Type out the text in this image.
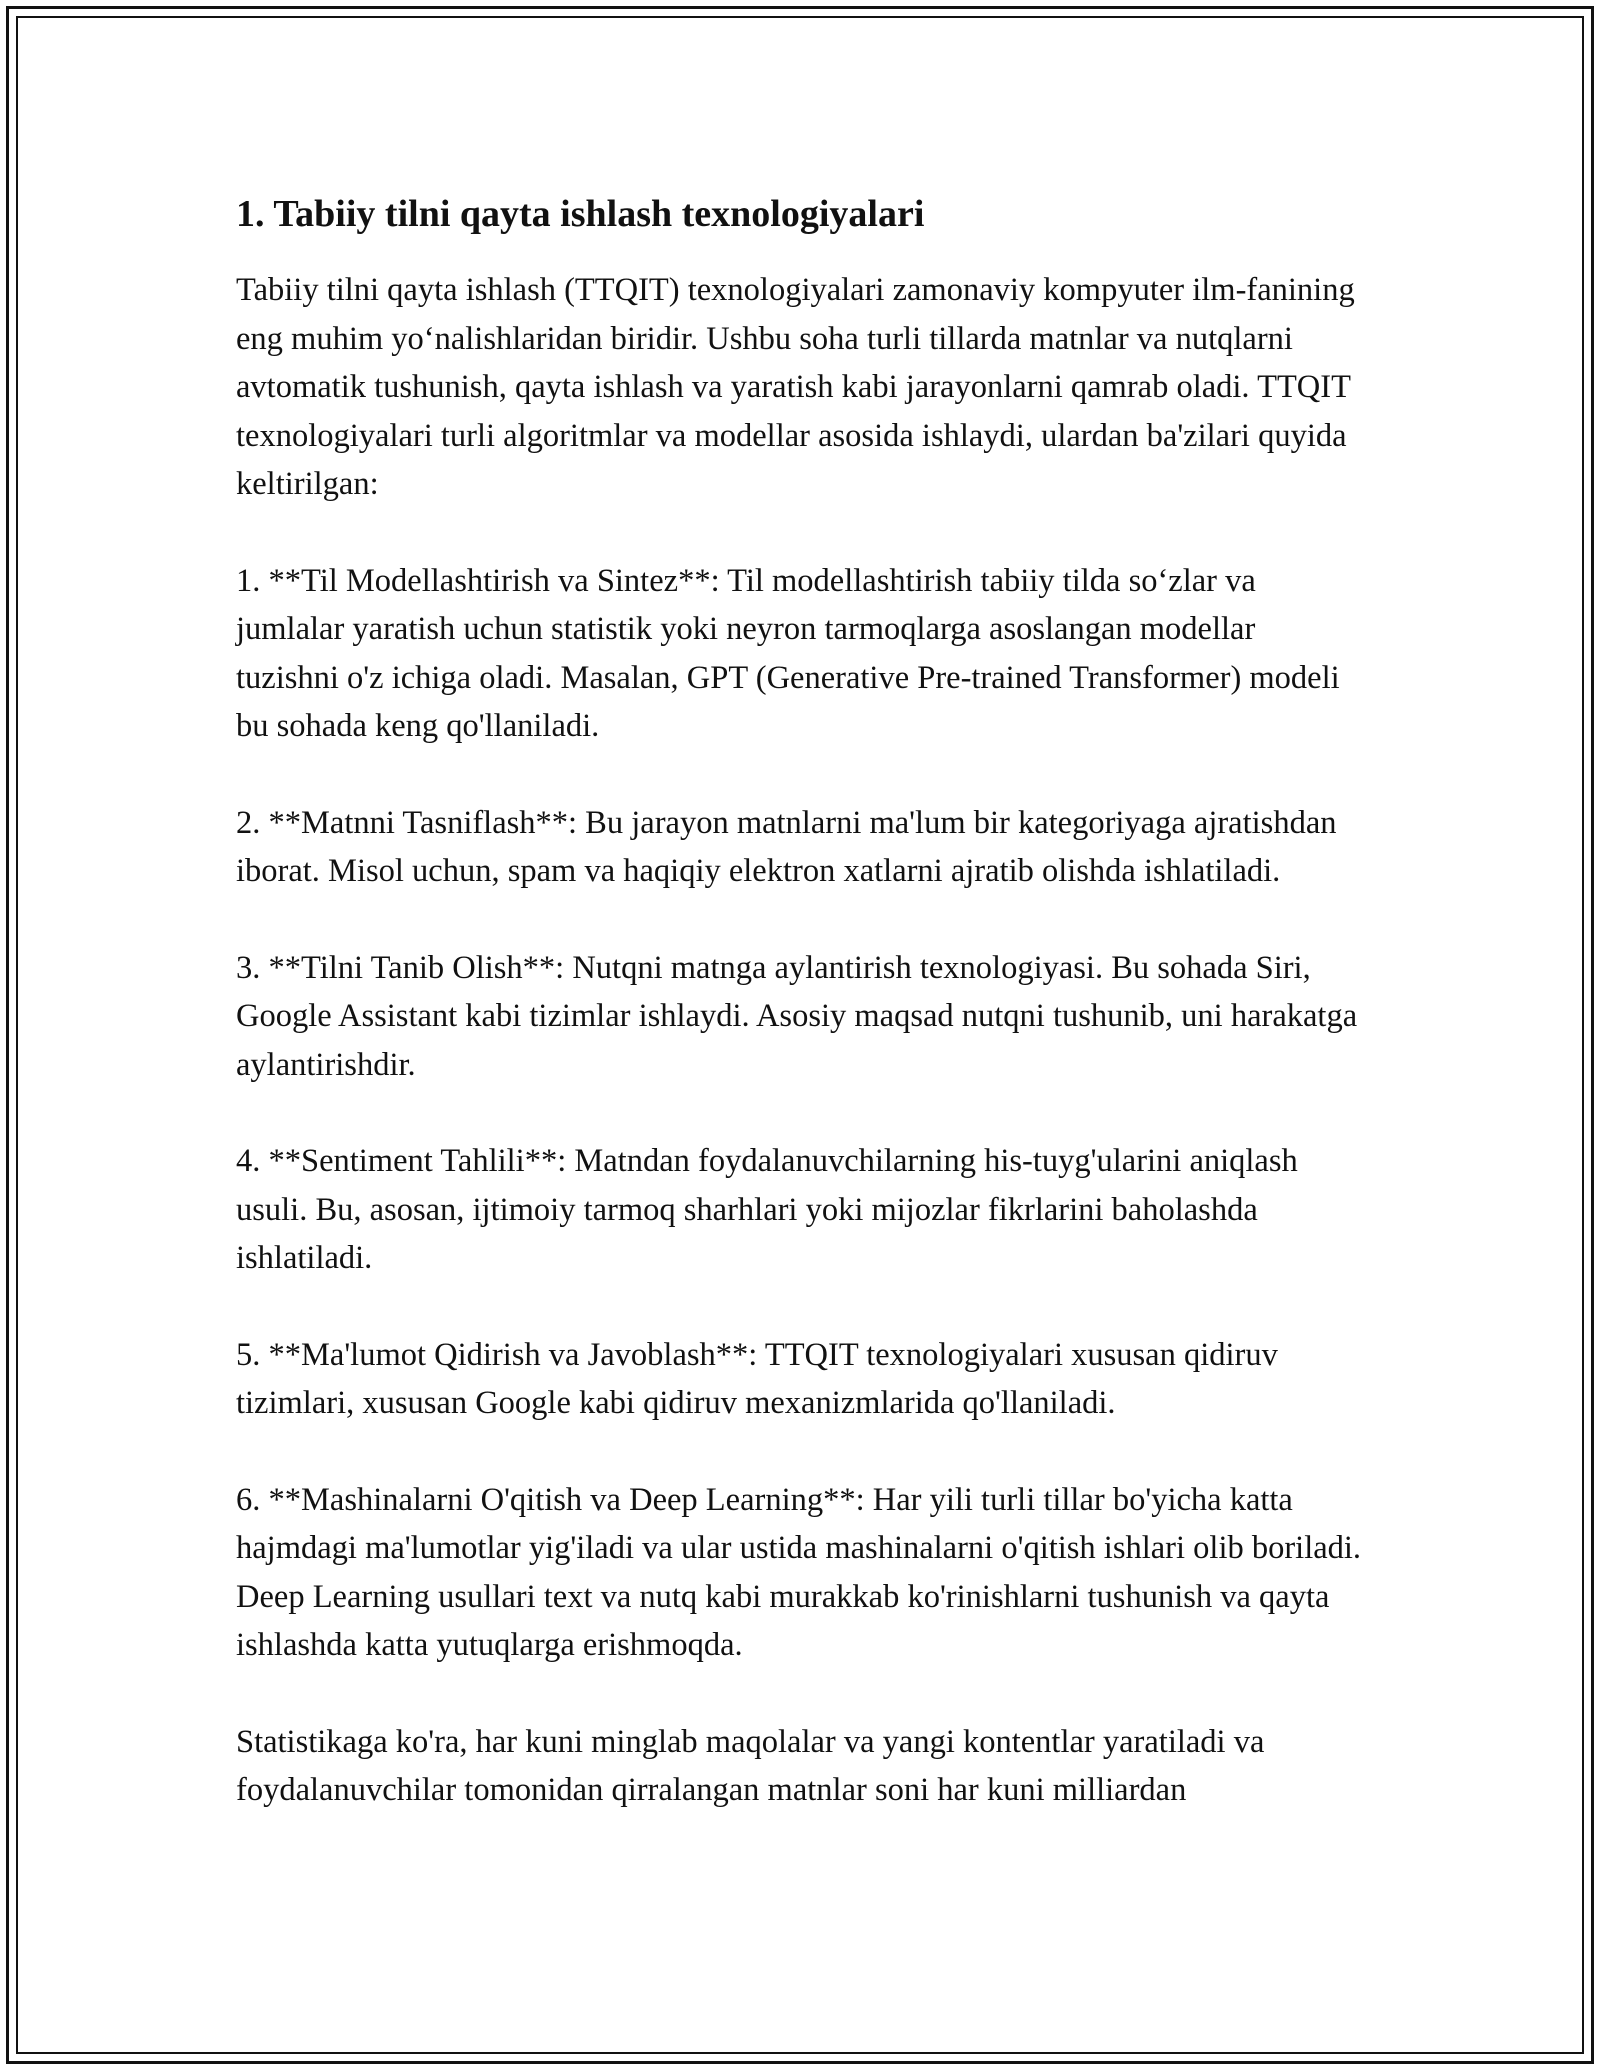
1. Tabiiy tilni qayta ishlash texnologiyalari

Tabiiy tilni qayta ishlash (TTQIT) texnologiyalari zamonaviy kompyuter ilm-fanining eng muhim yo‘nalishlaridan biridir. Ushbu soha turli tillarda matnlar va nutqlarni avtomatik tushunish, qayta ishlash va yaratish kabi jarayonlarni qamrab oladi. TTQIT texnologiyalari turli algoritmlar va modellar asosida ishlaydi, ulardan ba'zilari quyida keltirilgan:

1. **Til Modellashtirish va Sintez**: Til modellashtirish tabiiy tilda so‘zlar va jumlalar yaratish uchun statistik yoki neyron tarmoqlarga asoslangan modellar tuzishni o'z ichiga oladi. Masalan, GPT (Generative Pre-trained Transformer) modeli bu sohada keng qo'llaniladi.

2. **Matnni Tasniflash**: Bu jarayon matnlarni ma'lum bir kategoriyaga ajratishdan iborat. Misol uchun, spam va haqiqiy elektron xatlarni ajratib olishda ishlatiladi.

3. **Tilni Tanib Olish**: Nutqni matnga aylantirish texnologiyasi. Bu sohada Siri, Google Assistant kabi tizimlar ishlaydi. Asosiy maqsad nutqni tushunib, uni harakatga aylantirishdir.

4. **Sentiment Tahlili**: Matndan foydalanuvchilarning his-tuyg'ularini aniqlash usuli. Bu, asosan, ijtimoiy tarmoq sharhlari yoki mijozlar fikrlarini baholashda ishlatiladi.

5. **Ma'lumot Qidirish va Javoblash**: TTQIT texnologiyalari xususan qidiruv tizimlari, xususan Google kabi qidiruv mexanizmlarida qo'llaniladi.

6. **Mashinalarni O'qitish va Deep Learning**: Har yili turli tillar bo'yicha katta hajmdagi ma'lumotlar yig'iladi va ular ustida mashinalarni o'qitish ishlari olib boriladi. Deep Learning usullari text va nutq kabi murakkab ko'rinishlarni tushunish va qayta ishlashda katta yutuqlarga erishmoqda.

Statistikaga ko'ra, har kuni minglab maqolalar va yangi kontentlar yaratiladi va foydalanuvchilar tomonidan qirralangan matnlar soni har kuni milliardan
